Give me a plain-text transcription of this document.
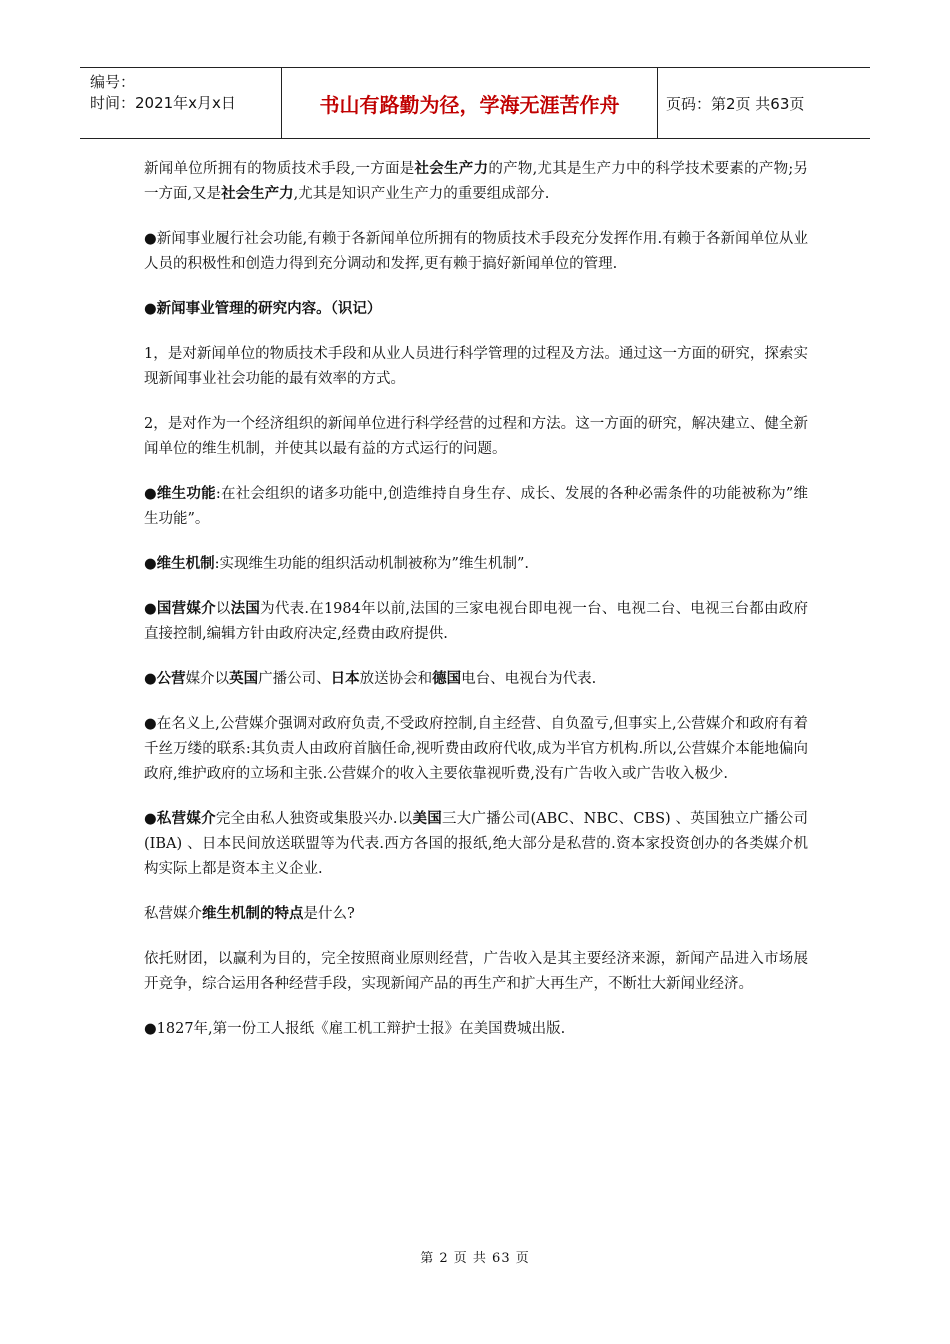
编号：
时间：2021年x月x日	书山有路勤为径，学海无涯苦作舟	页码：第2页 共63页

新闻单位所拥有的物质技术手段,一方面是社会生产力的产物,尤其是生产力中的科学技术要素的产物;另一方面,又是社会生产力,尤其是知识产业生产力的重要组成部分.

●新闻事业履行社会功能,有赖于各新闻单位所拥有的物质技术手段充分发挥作用.有赖于各新闻单位从业人员的积极性和创造力得到充分调动和发挥,更有赖于搞好新闻单位的管理.

●新闻事业管理的研究内容。（识记）

1，是对新闻单位的物质技术手段和从业人员进行科学管理的过程及方法。通过这一方面的研究，探索实现新闻事业社会功能的最有效率的方式。

2，是对作为一个经济组织的新闻单位进行科学经营的过程和方法。这一方面的研究，解决建立、健全新闻单位的维生机制，并使其以最有益的方式运行的问题。

●维生功能:在社会组织的诸多功能中,创造维持自身生存、成长、发展的各种必需条件的功能被称为”维生功能”。

●维生机制:实现维生功能的组织活动机制被称为”维生机制”.

●国营媒介以法国为代表.在1984年以前,法国的三家电视台即电视一台、电视二台、电视三台都由政府直接控制,编辑方针由政府决定,经费由政府提供.

●公营媒介以英国广播公司、日本放送协会和德国电台、电视台为代表.

●在名义上,公营媒介强调对政府负责,不受政府控制,自主经营、自负盈亏,但事实上,公营媒介和政府有着千丝万缕的联系:其负责人由政府首脑任命,视听费由政府代收,成为半官方机构.所以,公营媒介本能地偏向政府,维护政府的立场和主张.公营媒介的收入主要依靠视听费,没有广告收入或广告收入极少.

●私营媒介完全由私人独资或集股兴办.以美国三大广播公司(ABC、NBC、CBS) 、英国独立广播公司(IBA) 、日本民间放送联盟等为代表.西方各国的报纸,绝大部分是私营的.资本家投资创办的各类媒介机构实际上都是资本主义企业.

私营媒介维生机制的特点是什么?

依托财团，以赢利为目的，完全按照商业原则经营，广告收入是其主要经济来源，新闻产品进入市场展开竞争，综合运用各种经营手段，实现新闻产品的再生产和扩大再生产，不断壮大新闻业经济。

●1827年,第一份工人报纸《雇工机工辩护士报》在美国费城出版.

第 2 页 共 63 页
